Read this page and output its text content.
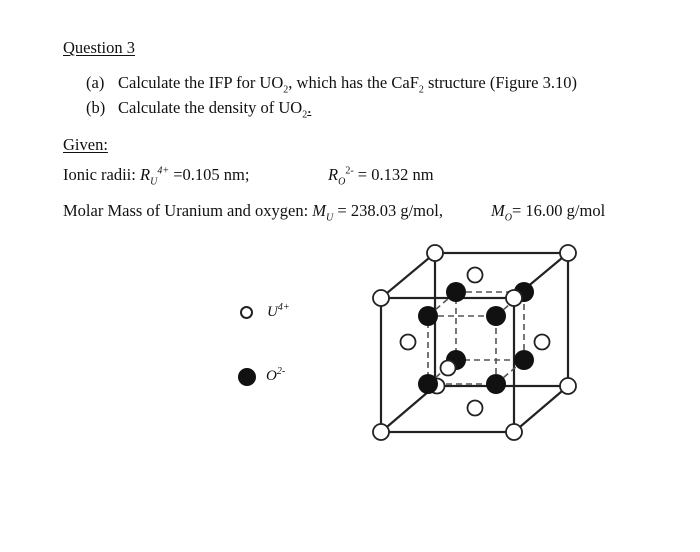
Question 3
(a) Calculate the IFP for $UO_2$, which has the CaF$_2$ structure (Figure 3.10)
(b) Calculate the density of $UO_2$.
Given:
Ionic radii: $R_U^{4+} =0.105$ nm;	$R_O^{2-} = 0.132$ nm
Molar Mass of Uranium and oxygen: $M_U = 238.03$ g/mol,	$M_O= 16.00$ g/mol
$U^{4+}$
$O^{2-}$
